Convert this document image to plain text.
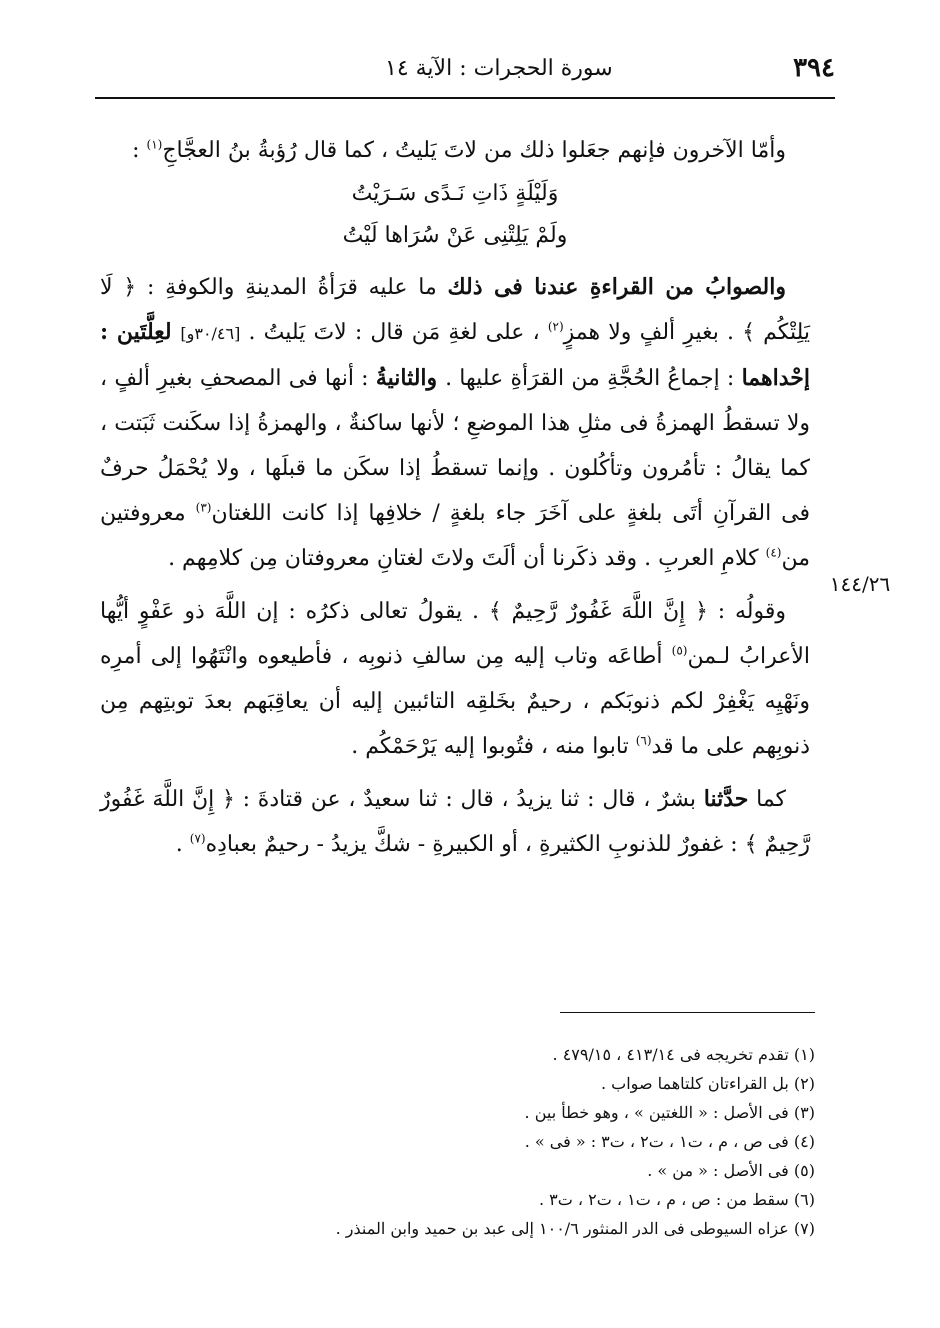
٣٩٤
سورة الحجرات : الآية ١٤

وأمّا الآخرون فإنهم جعَلوا ذلك من لاتَ يَليتُ ، كما قال رُؤبةُ بنُ العجَّاجِ$^{(١)}$ :

وَلَيْلَةٍ ذَاتِ نَـدًى سَـرَيْتُ

ولَمْ يَلِتْنِى عَنْ سُرَاها لَيْتُ

والصوابُ من القراءةِ عندنا فى ذلك ما عليه قرَأةُ المدينةِ والكوفةِ : ﴿ لَا يَلِتْكُم ﴾ . بغيرِ ألفٍ ولا همزٍ$^{(٢)}$ ، على لغةِ مَن قال : لاتَ يَليتُ . [٣٠/٤٦و] لعِلَّتَين : إحْداهما : إجماعُ الحُجَّةِ من القرَأةِ عليها . والثانيةُ : أنها فى المصحفِ بغيرِ ألفٍ ، ولا تسقطُ الهمزةُ فى مثلِ هذا الموضعِ ؛ لأنها ساكنةٌ ، والهمزةُ إذا سكَنت ثَبَتت ، كما يقالُ : تأمُرون وتأكُلون . وإنما تسقطُ إذا سكَن ما قبلَها ، ولا يُحْمَلُ حرفٌ فى القرآنِ أتَى بلغةٍ على آخَرَ جاء بلغةٍ / خلافِها إذا كانت اللغتان$^{(٣)}$ معروفتين من$^{(٤)}$ كلامِ العربِ . وقد ذكَرنا أن ألَتَ ولاتَ لغتانِ معروفتان مِن كلامِهم .

وقولُه : ﴿ إِنَّ اللَّهَ غَفُورٌ رَّحِيمٌ ﴾ . يقولُ تعالى ذكرُه : إن اللَّهَ ذو عَفْوٍ أيُّها الأعرابُ لـمن$^{(٥)}$ أطاعَه وتاب إليه مِن سالفِ ذنوبِه ، فأطيعوه وانْتَهُوا إلى أمرِه ونَهْيِه يَغْفِرْ لكم ذنوبَكم ، رحيمٌ بخَلقِه التائبين إليه أن يعاقِبَهم بعدَ توبتِهم مِن ذنوبِهم على ما قد$^{(٦)}$ تابوا منه ، فتُوبوا إليه يَرْحَمْكُم .

كما حدَّثنا بشرٌ ، قال : ثنا يزيدُ ، قال : ثنا سعيدٌ ، عن قتادةَ : ﴿ إِنَّ اللَّهَ غَفُورٌ رَّحِيمٌ ﴾ : غفورٌ للذنوبِ الكثيرةِ ، أو الكبيرةِ - شكَّ يزيدُ - رحيمٌ بعبادِه$^{(٧)}$ .

١٤٤/٢٦

(١) تقدم تخريجه فى ٤١٣/١٤ ، ٤٧٩/١٥ .

(٢) بل القراءتان كلتاهما صواب .

(٣) فى الأصل : « اللغتين » ، وهو خطأ بين .

(٤) فى ص ، م ، ت١ ، ت٢ ، ت٣ : « فى » .

(٥) فى الأصل : « من » .

(٦) سقط من : ص ، م ، ت١ ، ت٢ ، ت٣ .

(٧) عزاه السيوطى فى الدر المنثور ١٠٠/٦ إلى عبد بن حميد وابن المنذر .
